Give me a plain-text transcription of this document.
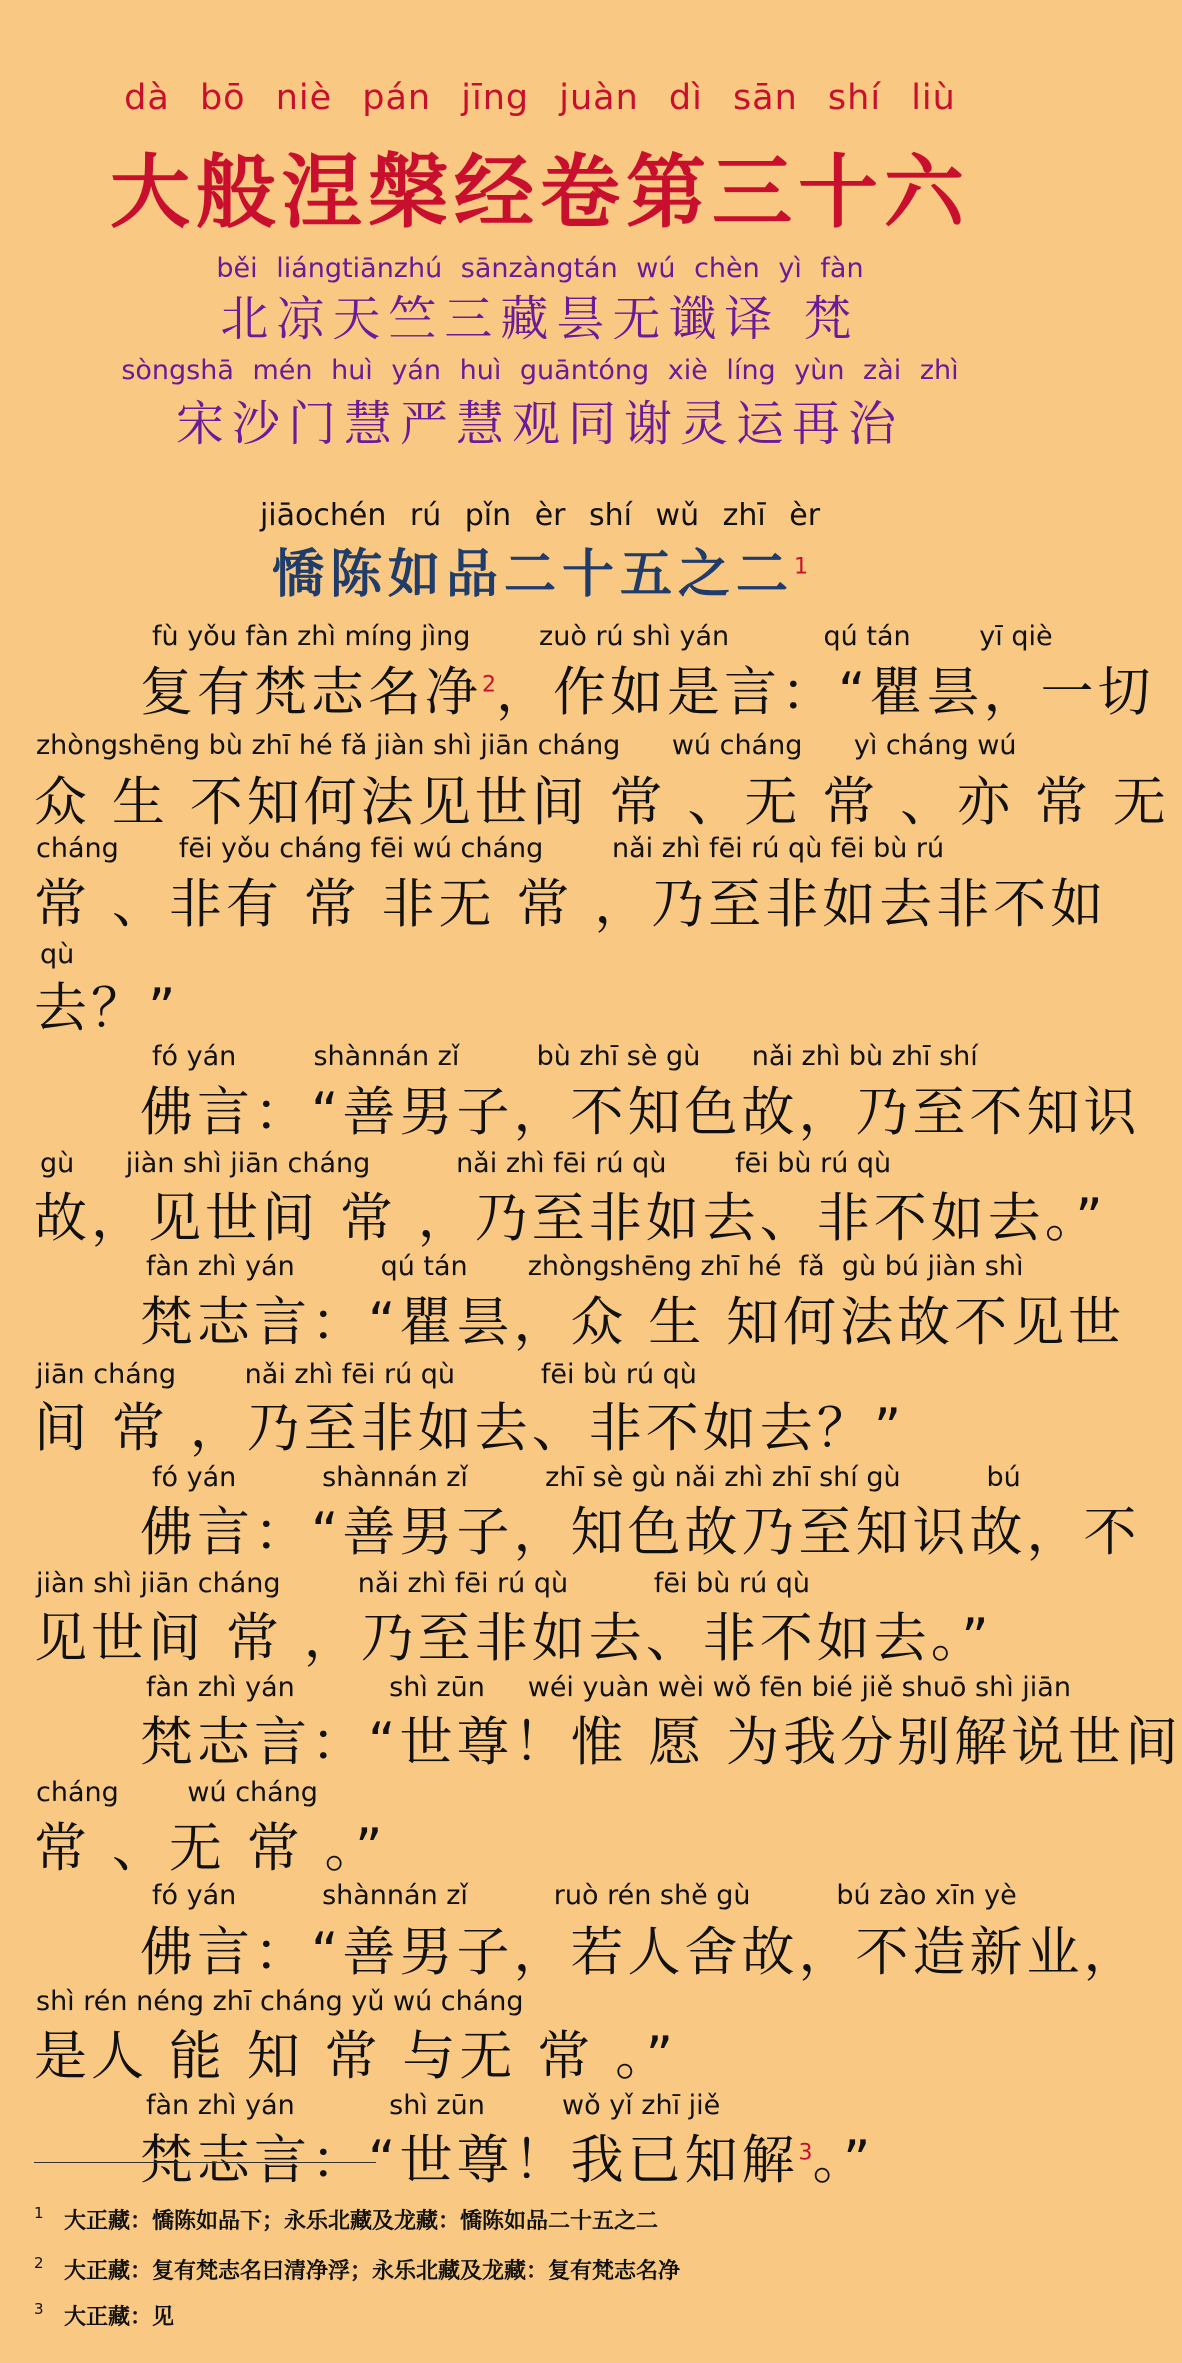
dà bō niè pán jīng juàn dì sān shí liù
大般涅槃经卷第三十六
běi liángtiānzhú sānzàngtán wú chèn yì fàn
北凉天竺三藏昙无谶译 梵
sòngshā mén huì yán huì guāntóng xiè líng yùn zài zhì
宋沙门慧严慧观同谢灵运再治
jiāochén rú pǐn èr shí wǔ zhī èr
憍陈如品二十五之二$^1$
fù yǒu fàn zhì míng jìng        zuò rú shì yán           qú tán        yī qiè
复有梵志名净$^2$，作如是言：“瞿昙，一切
zhòngshēng bù zhī hé fǎ jiàn shì jiān cháng      wú cháng      yì cháng wú
众 生 不知何法见世间 常 、无 常 、亦 常 无
cháng       fēi yǒu cháng fēi wú cháng        nǎi zhì fēi rú qù fēi bù rú
常 、非有 常 非无 常 ，乃至非如去非不如
qù
去？”
fó yán         shànnán zǐ         bù zhī sè gù      nǎi zhì bù zhī shí
佛言：“善男子，不知色故，乃至不知识
gù      jiàn shì jiān cháng          nǎi zhì fēi rú qù        fēi bù rú qù
故，见世间 常 ，乃至非如去、非不如去。”
fàn zhì yán          qú tán       zhòngshēng zhī hé  fǎ  gù bú jiàn shì
梵志言：“瞿昙，众 生 知何法故不见世
jiān cháng        nǎi zhì fēi rú qù          fēi bù rú qù
间 常 ，乃至非如去、非不如去？”
fó yán          shànnán zǐ         zhī sè gù nǎi zhì zhī shí gù          bú
佛言：“善男子，知色故乃至知识故，不
jiàn shì jiān cháng         nǎi zhì fēi rú qù          fēi bù rú qù
见世间 常 ，乃至非如去、非不如去。”
fàn zhì yán           shì zūn     wéi yuàn wèi wǒ fēn bié jiě shuō shì jiān
梵志言：“世尊！惟 愿 为我分别解说世间
cháng        wú cháng
常 、无 常 。”
fó yán          shànnán zǐ          ruò rén shě gù          bú zào xīn yè
佛言：“善男子，若人舍故，不造新业，
shì rén néng zhī cháng yǔ wú cháng
是人 能 知 常 与无 常 。”
fàn zhì yán           shì zūn         wǒ yǐ zhī jiě
梵志言：“世尊！我已知解$^3$。”
1 大正藏：憍陈如品下；永乐北藏及龙藏：憍陈如品二十五之二
2 大正藏：复有梵志名曰清净浮；永乐北藏及龙藏：复有梵志名净
3 大正藏：见
